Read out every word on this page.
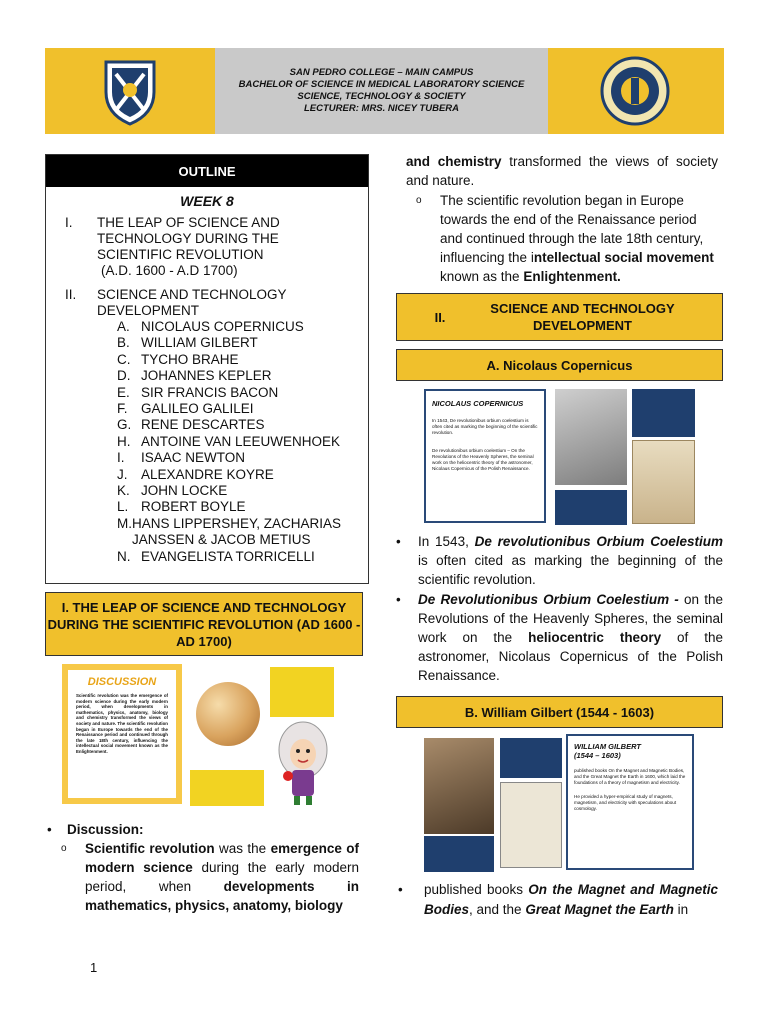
SAN PEDRO COLLEGE – MAIN CAMPUS
BACHELOR OF SCIENCE IN MEDICAL LABORATORY SCIENCE
SCIENCE, TECHNOLOGY & SOCIETY
LECTURER: MRS. NICEY TUBERA
OUTLINE
WEEK 8
I.	THE LEAP OF SCIENCE AND TECHNOLOGY DURING THE SCIENTIFIC REVOLUTION
(A.D. 1600 - A.D 1700)
II.	SCIENCE AND TECHNOLOGY DEVELOPMENT
A. NICOLAUS COPERNICUS
B. WILLIAM GILBERT
C. TYCHO BRAHE
D. JOHANNES KEPLER
E. SIR FRANCIS BACON
F. GALILEO GALILEI
G. RENE DESCARTES
H. ANTOINE VAN LEEUWENHOEK
I.	ISAAC NEWTON
J. ALEXANDRE KOYRE
K. JOHN LOCKE
L. ROBERT BOYLE
M. HANS LIPPERSHEY, ZACHARIAS JANSSEN & JACOB METIUS
N. EVANGELISTA TORRICELLI
I. THE LEAP OF SCIENCE AND TECHNOLOGY DURING THE SCIENTIFIC REVOLUTION (AD 1600 - AD 1700)
DISCUSSION
Scientific revolution was the emergence of modern science during the early modern period, when developments in mathematics, physics, anatomy, biology and chemistry transformed the views of society and nature. The scientific revolution began in Europe towards the end of the Renaissance period and continued through the late 18th century, influencing the intellectual social movement known as the Enlightenment.
•	Discussion:
o	Scientific revolution was the emergence of modern science during the early modern period, when developments in mathematics, physics, anatomy, biology
1
and chemistry transformed the views of society and nature.
o	The scientific revolution began in Europe towards the end of the Renaissance period and continued through the late 18th century, influencing the intellectual social movement known as the Enlightenment.
II.
SCIENCE AND TECHNOLOGY DEVELOPMENT
A. Nicolaus Copernicus
NICOLAUS COPERNICUS
In 1543, De revolutionibus orbium coelestium is often cited as marking the beginning of the scientific revolution.
De revolutionibus orbium coelestium – On the Revolutions of the Heavenly Spheres, the seminal work on the heliocentric theory of the astronomer, Nicolaus Copernicus of the Polish Renaissance.
•	In 1543, De revolutionibus Orbium Coelestium is often cited as marking the beginning of the scientific revolution.
•	De Revolutionibus Orbium Coelestium - on the Revolutions of the Heavenly Spheres, the seminal work on the heliocentric theory of the astronomer, Nicolaus Copernicus of the Polish Renaissance.
B. William Gilbert (1544 - 1603)
WILLIAM GILBERT
(1544 – 1603)
published books On the Magnet and Magnetic Bodies, and the Great Magnet the Earth in 1600, which laid the foundations of a theory of magnetism and electricity.
He provided a hyper-empirical study of magnets, magnetism, and electricity with speculations about cosmology.
•	published books On the Magnet and Magnetic Bodies, and the Great Magnet the Earth in
